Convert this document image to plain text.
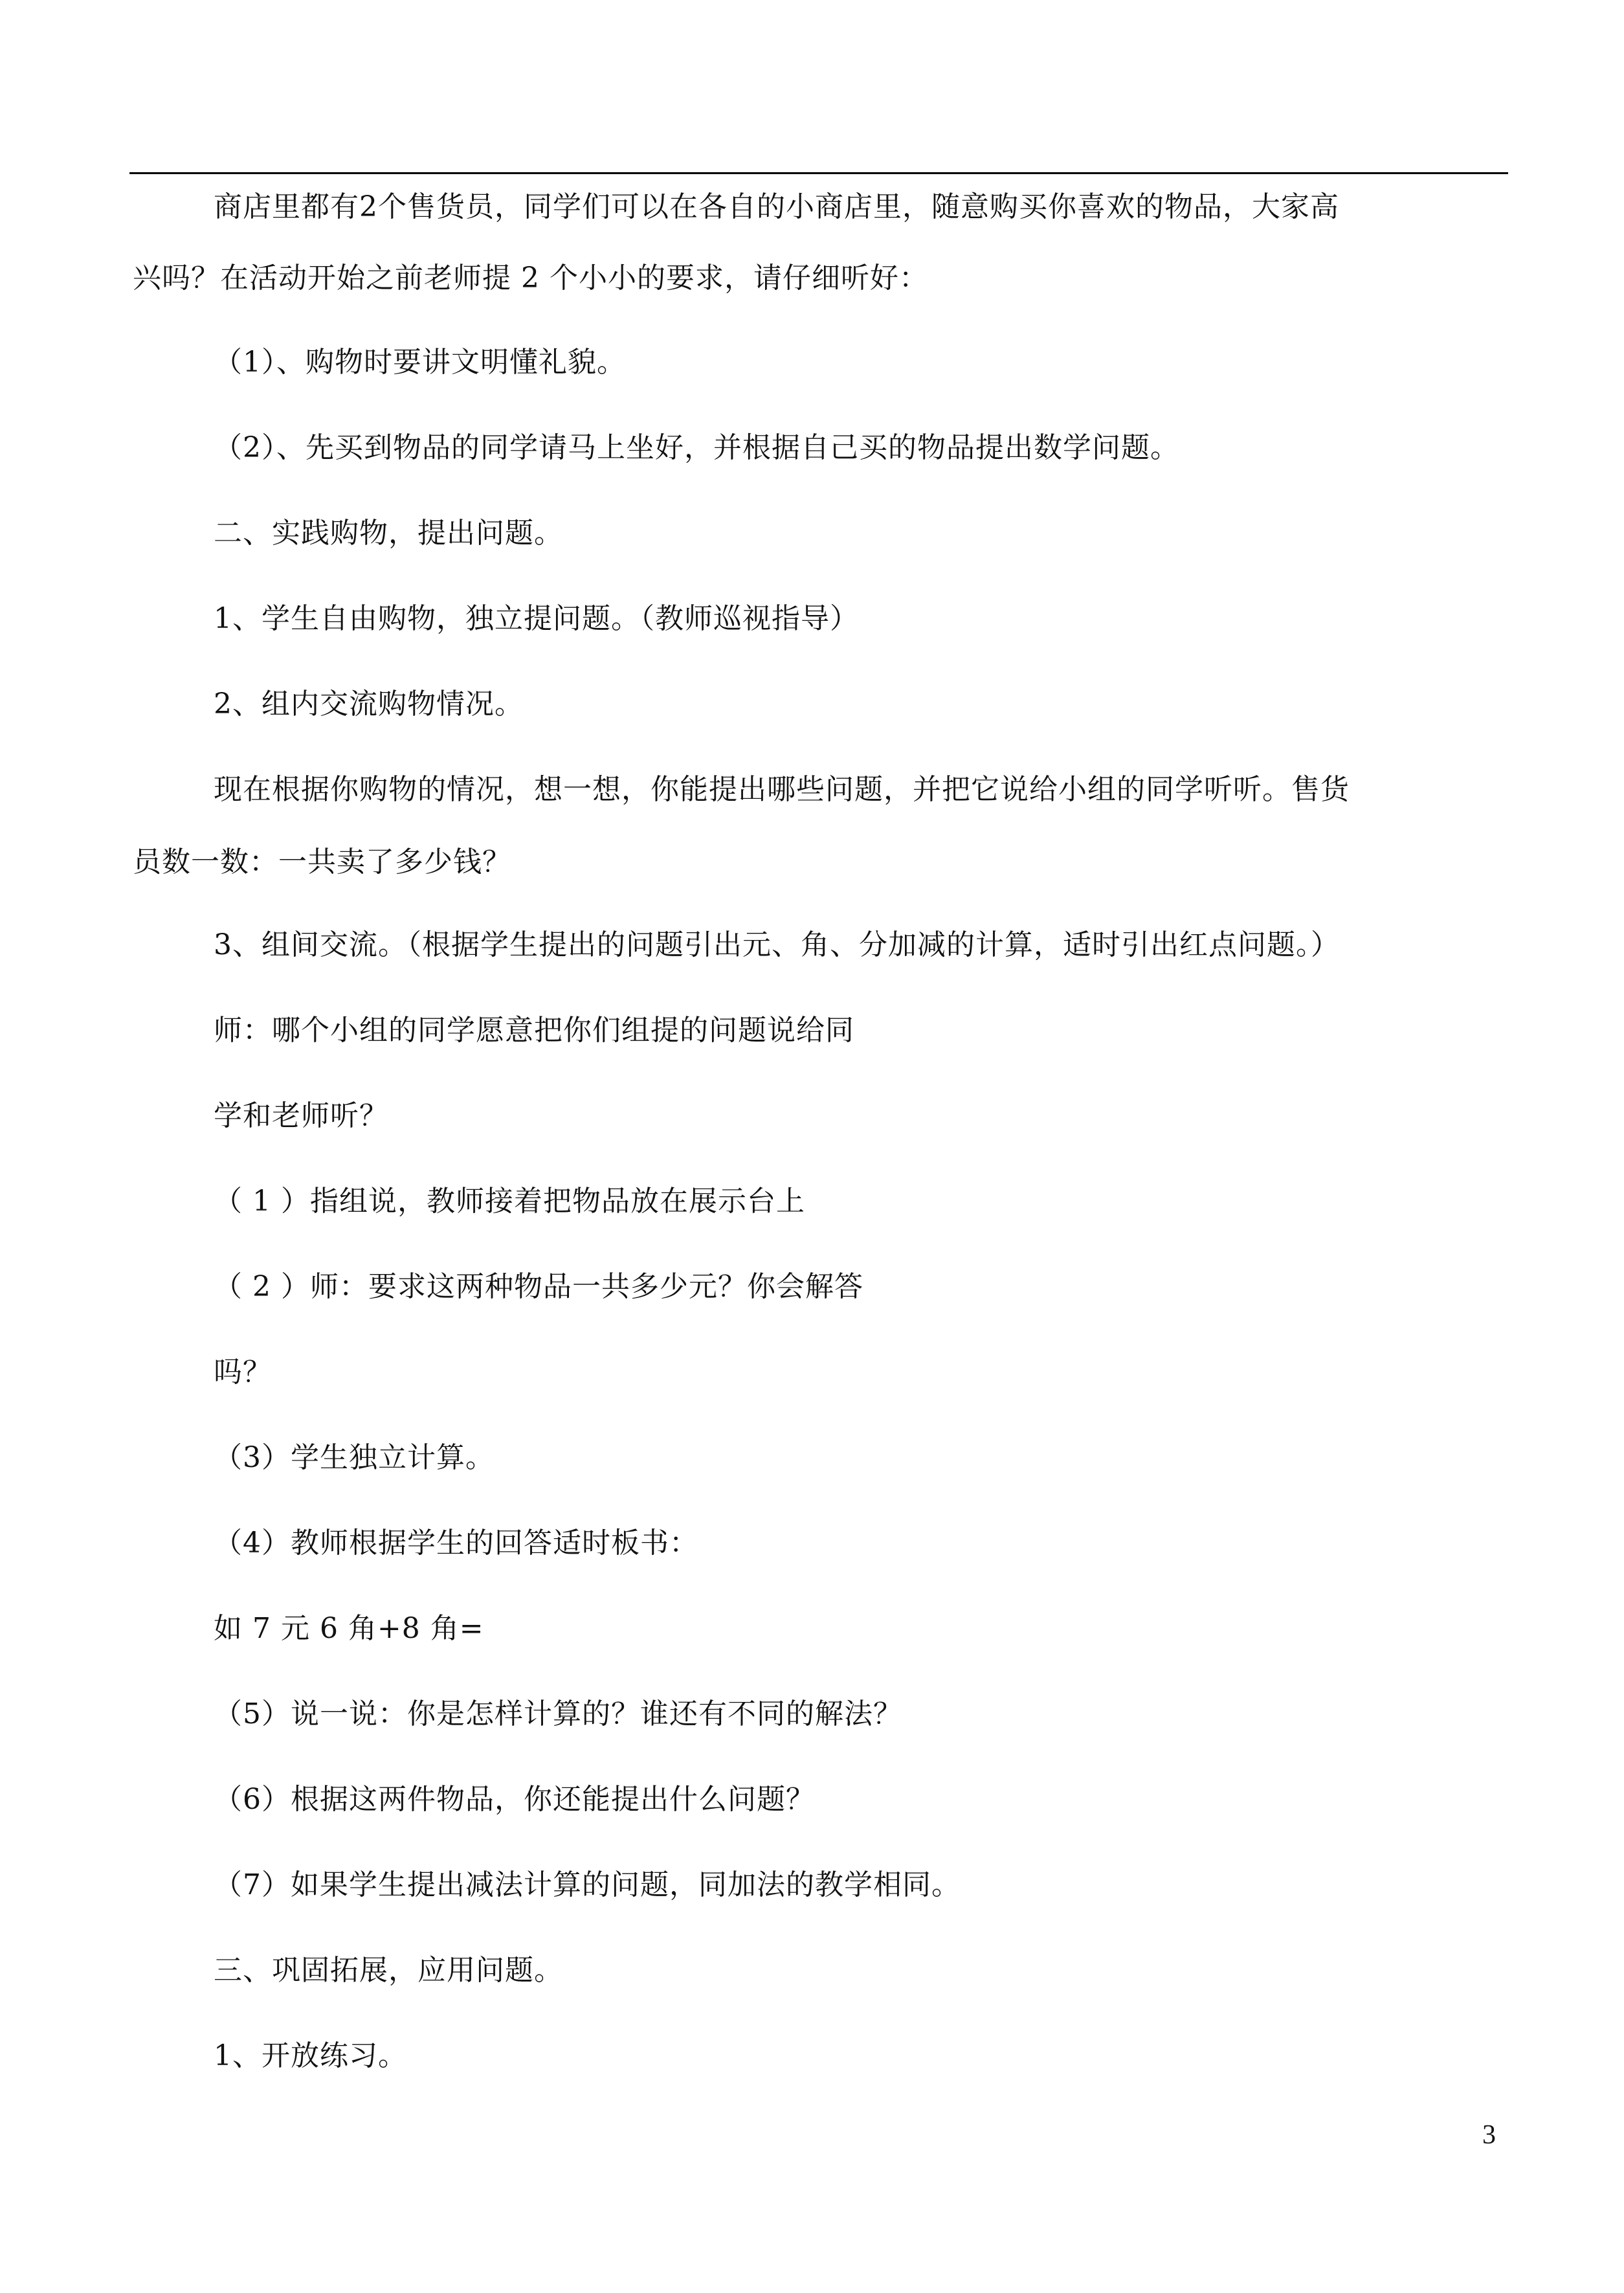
商店里都有2个售货员，同学们可以在各自的小商店里，随意购买你喜欢的物品，大家高
兴吗？在活动开始之前老师提 2 个小小的要求，请仔细听好：
（1）、购物时要讲文明懂礼貌。
（2）、先买到物品的同学请马上坐好，并根据自己买的物品提出数学问题。
二、实践购物，提出问题。
1、学生自由购物，独立提问题。（教师巡视指导）
2、组内交流购物情况。
现在根据你购物的情况，想一想，你能提出哪些问题，并把它说给小组的同学听听。售货
员数一数：一共卖了多少钱？
3、组间交流。（根据学生提出的问题引出元、角、分加减的计算，适时引出红点问题。）
师：哪个小组的同学愿意把你们组提的问题说给同
学和老师听？
（ 1 ）指组说，教师接着把物品放在展示台上
（ 2 ）师：要求这两种物品一共多少元？你会解答
吗？
（3）学生独立计算。
（4）教师根据学生的回答适时板书：
如 7 元 6 角+8 角=
（5）说一说：你是怎样计算的？谁还有不同的解法？
（6）根据这两件物品，你还能提出什么问题？
（7）如果学生提出减法计算的问题，同加法的教学相同。
三、巩固拓展，应用问题。
1、开放练习。
3
